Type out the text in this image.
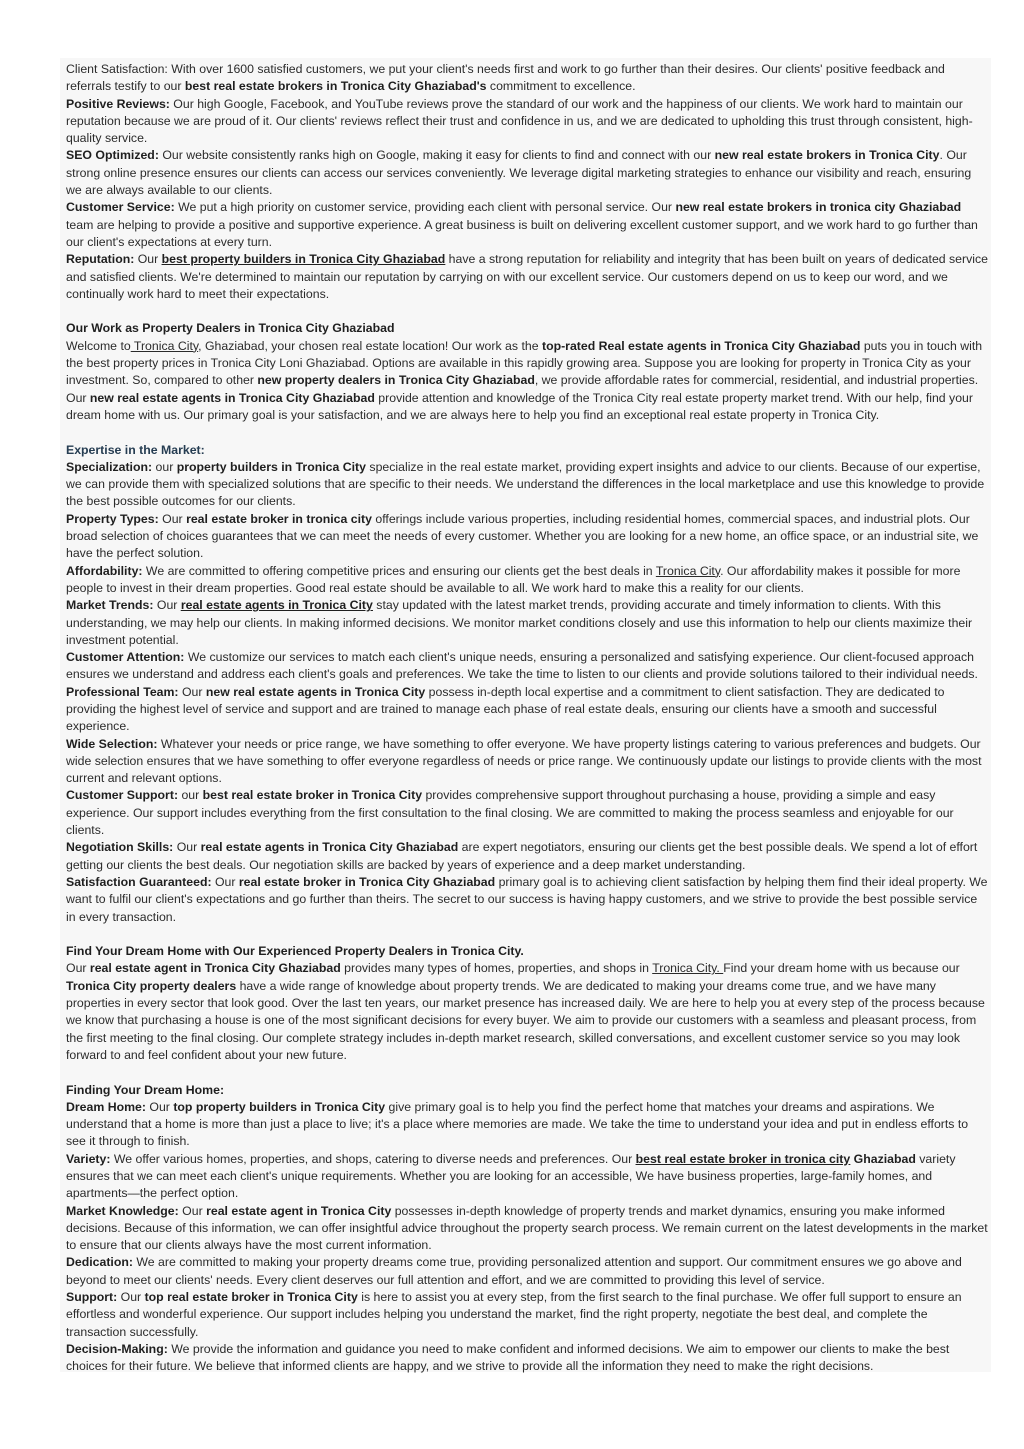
Client Satisfaction: With over 1600 satisfied customers, we put your client's needs first and work to go further than their desires. Our clients' positive feedback and referrals testify to our best real estate brokers in Tronica City Ghaziabad's commitment to excellence.

Positive Reviews: Our high Google, Facebook, and YouTube reviews prove the standard of our work and the happiness of our clients. We work hard to maintain our reputation because we are proud of it. Our clients' reviews reflect their trust and confidence in us, and we are dedicated to upholding this trust through consistent, high-quality service.

SEO Optimized: Our website consistently ranks high on Google, making it easy for clients to find and connect with our new real estate brokers in Tronica City. Our strong online presence ensures our clients can access our services conveniently. We leverage digital marketing strategies to enhance our visibility and reach, ensuring we are always available to our clients.

Customer Service: We put a high priority on customer service, providing each client with personal service. Our new real estate brokers in tronica city Ghaziabad team are helping to provide a positive and supportive experience. A great business is built on delivering excellent customer support, and we work hard to go further than our client's expectations at every turn.

Reputation: Our best property builders in Tronica City Ghaziabad have a strong reputation for reliability and integrity that has been built on years of dedicated service and satisfied clients. We're determined to maintain our reputation by carrying on with our excellent service. Our customers depend on us to keep our word, and we continually work hard to meet their expectations.

Our Work as Property Dealers in Tronica City Ghaziabad

Welcome to Tronica City, Ghaziabad, your chosen real estate location! Our work as the top-rated Real estate agents in Tronica City Ghaziabad puts you in touch with the best property prices in Tronica City Loni Ghaziabad. Options are available in this rapidly growing area. Suppose you are looking for property in Tronica City as your investment. So, compared to other new property dealers in Tronica City Ghaziabad, we provide affordable rates for commercial, residential, and industrial properties. Our new real estate agents in Tronica City Ghaziabad provide attention and knowledge of the Tronica City real estate property market trend. With our help, find your dream home with us. Our primary goal is your satisfaction, and we are always here to help you find an exceptional real estate property in Tronica City.

Expertise in the Market:

Specialization: our property builders in Tronica City specialize in the real estate market, providing expert insights and advice to our clients. Because of our expertise, we can provide them with specialized solutions that are specific to their needs. We understand the differences in the local marketplace and use this knowledge to provide the best possible outcomes for our clients.

Property Types: Our real estate broker in tronica city offerings include various properties, including residential homes, commercial spaces, and industrial plots. Our broad selection of choices guarantees that we can meet the needs of every customer. Whether you are looking for a new home, an office space, or an industrial site, we have the perfect solution.

Affordability: We are committed to offering competitive prices and ensuring our clients get the best deals in Tronica City. Our affordability makes it possible for more people to invest in their dream properties. Good real estate should be available to all. We work hard to make this a reality for our clients.

Market Trends: Our real estate agents in Tronica City stay updated with the latest market trends, providing accurate and timely information to clients. With this understanding, we may help our clients. In making informed decisions. We monitor market conditions closely and use this information to help our clients maximize their investment potential.

Customer Attention: We customize our services to match each client's unique needs, ensuring a personalized and satisfying experience. Our client-focused approach ensures we understand and address each client's goals and preferences. We take the time to listen to our clients and provide solutions tailored to their individual needs.

Professional Team: Our new real estate agents in Tronica City possess in-depth local expertise and a commitment to client satisfaction. They are dedicated to providing the highest level of service and support and are trained to manage each phase of real estate deals, ensuring our clients have a smooth and successful experience.

Wide Selection: Whatever your needs or price range, we have something to offer everyone. We have property listings catering to various preferences and budgets. Our wide selection ensures that we have something to offer everyone regardless of needs or price range. We continuously update our listings to provide clients with the most current and relevant options.

Customer Support: our best real estate broker in Tronica City provides comprehensive support throughout purchasing a house, providing a simple and easy experience. Our support includes everything from the first consultation to the final closing. We are committed to making the process seamless and enjoyable for our clients.

Negotiation Skills: Our real estate agents in Tronica City Ghaziabad are expert negotiators, ensuring our clients get the best possible deals. We spend a lot of effort getting our clients the best deals. Our negotiation skills are backed by years of experience and a deep market understanding.

Satisfaction Guaranteed: Our real estate broker in Tronica City Ghaziabad primary goal is to achieving client satisfaction by helping them find their ideal property. We want to fulfil our client's expectations and go further than theirs. The secret to our success is having happy customers, and we strive to provide the best possible service in every transaction.

Find Your Dream Home with Our Experienced Property Dealers in Tronica City.

Our real estate agent in Tronica City Ghaziabad provides many types of homes, properties, and shops in Tronica City. Find your dream home with us because our Tronica City property dealers have a wide range of knowledge about property trends. We are dedicated to making your dreams come true, and we have many properties in every sector that look good. Over the last ten years, our market presence has increased daily. We are here to help you at every step of the process because we know that purchasing a house is one of the most significant decisions for every buyer. We aim to provide our customers with a seamless and pleasant process, from the first meeting to the final closing. Our complete strategy includes in-depth market research, skilled conversations, and excellent customer service so you may look forward to and feel confident about your new future.

Finding Your Dream Home:

Dream Home: Our top property builders in Tronica City give primary goal is to help you find the perfect home that matches your dreams and aspirations. We understand that a home is more than just a place to live; it's a place where memories are made. We take the time to understand your idea and put in endless efforts to see it through to finish.

Variety: We offer various homes, properties, and shops, catering to diverse needs and preferences. Our best real estate broker in tronica city Ghaziabad variety ensures that we can meet each client's unique requirements. Whether you are looking for an accessible, We have business properties, large-family homes, and apartments—the perfect option.

Market Knowledge: Our real estate agent in Tronica City possesses in-depth knowledge of property trends and market dynamics, ensuring you make informed decisions. Because of this information, we can offer insightful advice throughout the property search process. We remain current on the latest developments in the market to ensure that our clients always have the most current information.

Dedication: We are committed to making your property dreams come true, providing personalized attention and support. Our commitment ensures we go above and beyond to meet our clients' needs. Every client deserves our full attention and effort, and we are committed to providing this level of service.

Support: Our top real estate broker in Tronica City is here to assist you at every step, from the first search to the final purchase. We offer full support to ensure an effortless and wonderful experience. Our support includes helping you understand the market, find the right property, negotiate the best deal, and complete the transaction successfully.

Decision-Making: We provide the information and guidance you need to make confident and informed decisions. We aim to empower our clients to make the best choices for their future. We believe that informed clients are happy, and we strive to provide all the information they need to make the right decisions.
